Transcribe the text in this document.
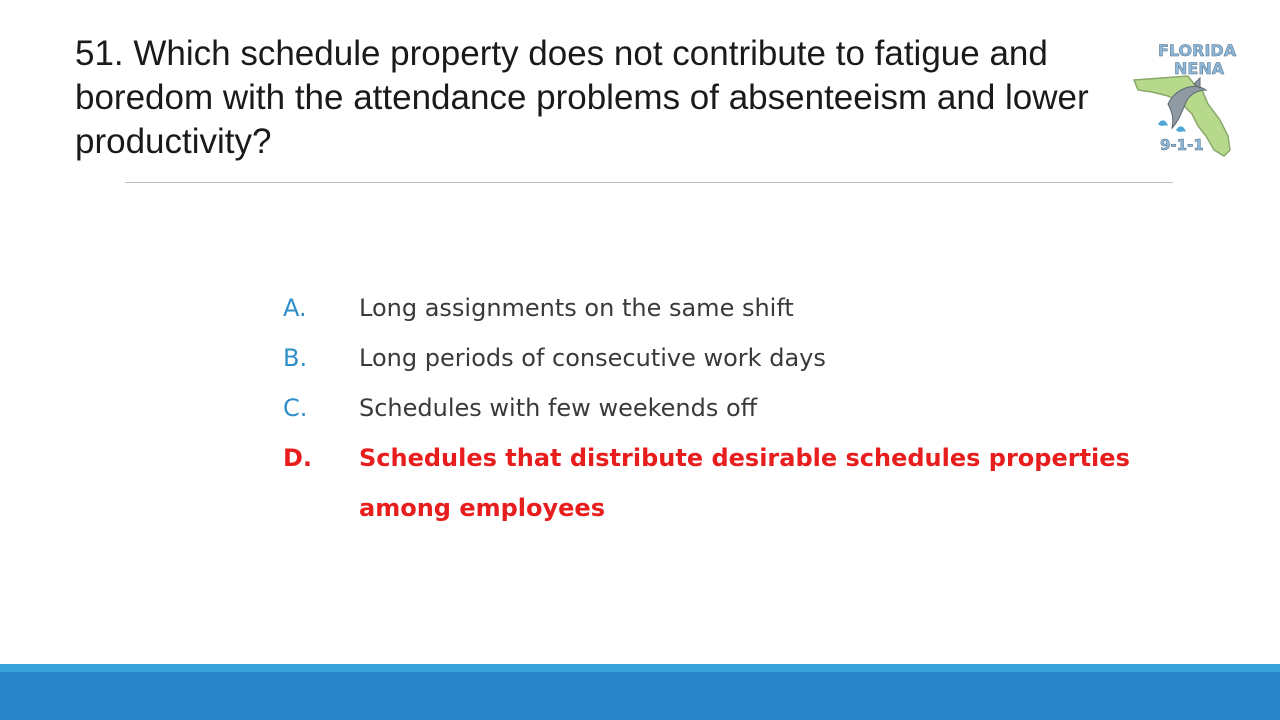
51. Which schedule property does not contribute to fatigue and boredom with the attendance problems of absenteeism and lower productivity?
FLORIDA
NENA
9-1-1
A.	Long assignments on the same shift
B.	Long periods of consecutive work days
C.	Schedules with few weekends off
D.	Schedules that distribute desirable schedules properties among employees
